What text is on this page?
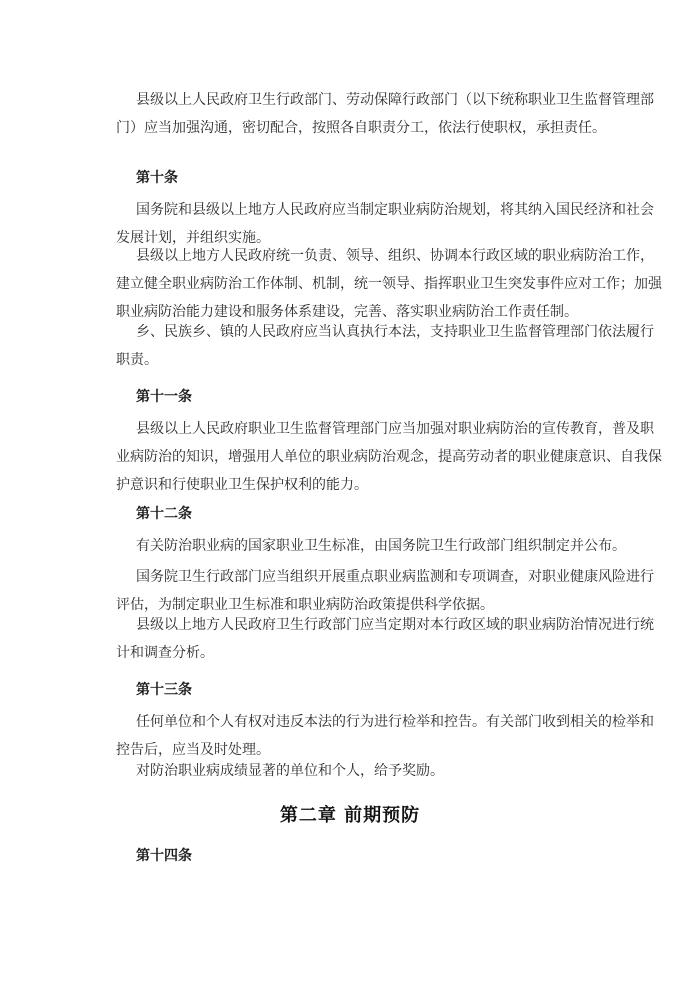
县级以上人民政府卫生行政部门、劳动保障行政部门（以下统称职业卫生监督管理部
门）应当加强沟通，密切配合，按照各自职责分工，依法行使职权，承担责任。
第十条
国务院和县级以上地方人民政府应当制定职业病防治规划，将其纳入国民经济和社会
发展计划，并组织实施。
县级以上地方人民政府统一负责、领导、组织、协调本行政区域的职业病防治工作，
建立健全职业病防治工作体制、机制，统一领导、指挥职业卫生突发事件应对工作；加强
职业病防治能力建设和服务体系建设，完善、落实职业病防治工作责任制。
乡、民族乡、镇的人民政府应当认真执行本法，支持职业卫生监督管理部门依法履行
职责。
第十一条
县级以上人民政府职业卫生监督管理部门应当加强对职业病防治的宣传教育，普及职
业病防治的知识，增强用人单位的职业病防治观念，提高劳动者的职业健康意识、自我保
护意识和行使职业卫生保护权利的能力。
第十二条
有关防治职业病的国家职业卫生标准，由国务院卫生行政部门组织制定并公布。
国务院卫生行政部门应当组织开展重点职业病监测和专项调查，对职业健康风险进行
评估，为制定职业卫生标准和职业病防治政策提供科学依据。
县级以上地方人民政府卫生行政部门应当定期对本行政区域的职业病防治情况进行统
计和调查分析。
第十三条
任何单位和个人有权对违反本法的行为进行检举和控告。有关部门收到相关的检举和
控告后，应当及时处理。
对防治职业病成绩显著的单位和个人，给予奖励。
第二章 前期预防
第十四条
